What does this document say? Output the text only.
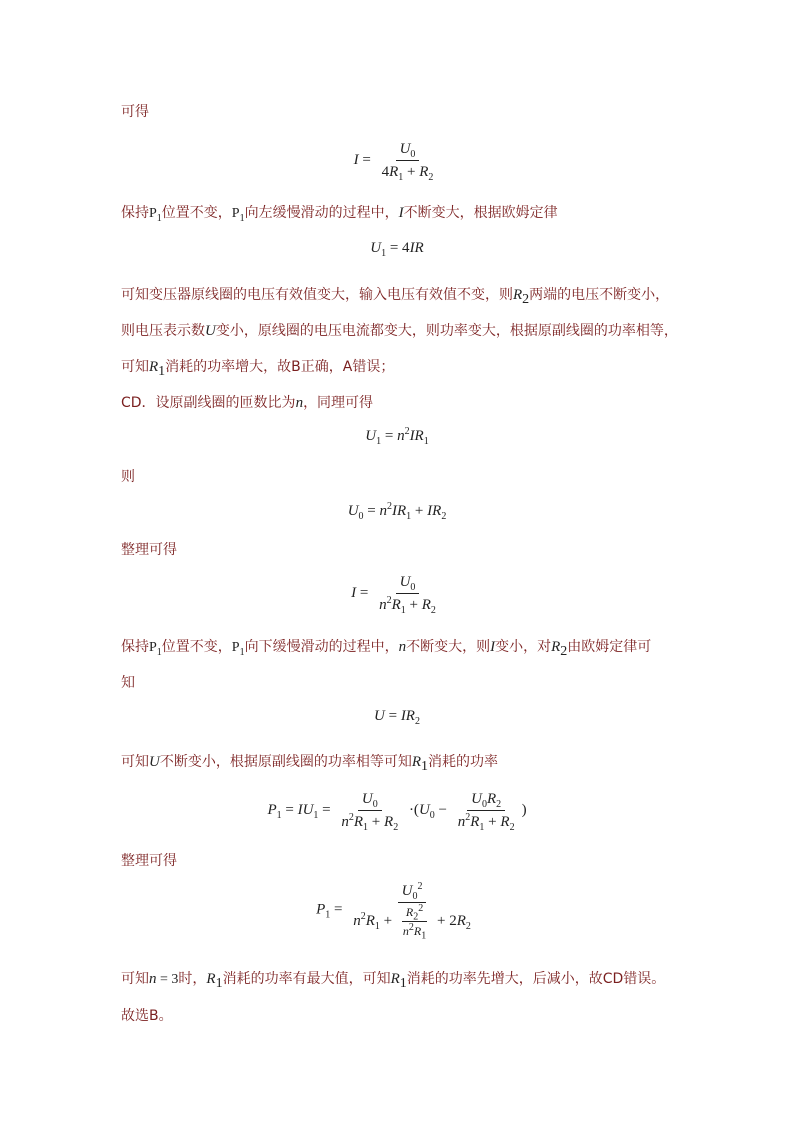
可得
$I = \frac{U_0}{4R_1 + R_2}$
保持$P_1$位置不变，$P_1$向左缓慢滑动的过程中，I不断变大，根据欧姆定律
$U_1 = 4IR$
可知变压器原线圈的电压有效值变大，输入电压有效值不变，则$R_2$两端的电压不断变小，
则电压表示数U变小，原线圈的电压电流都变大，则功率变大，根据原副线圈的功率相等，
可知$R_1$消耗的功率增大，故B正确，A错误；
CD．设原副线圈的匝数比为n，同理可得
$U_1 = n^2IR_1$
则
$U_0 = n^2IR_1 + IR_2$
整理可得
$I = \frac{U_0}{n^2R_1 + R_2}$
保持$P_1$位置不变，$P_1$向下缓慢滑动的过程中，n不断变大，则I变小，对$R_2$由欧姆定律可
知
$U = IR_2$
可知U不断变小，根据原副线圈的功率相等可知$R_1$消耗的功率
$P_1 = IU_1 = \frac{U_0}{n^2R_1 + R_2} \cdot(U_0 - \frac{U_0R_2}{n^2R_1 + R_2}$ )
整理可得
$P_1 = \frac{U_0^2}{n^2R_1 + \frac{R_2^2}{n^2R_1} + 2R_2}$
可知n = 3时，$R_1$消耗的功率有最大值，可知$R_1$消耗的功率先增大，后减小，故CD错误。
故选B。
